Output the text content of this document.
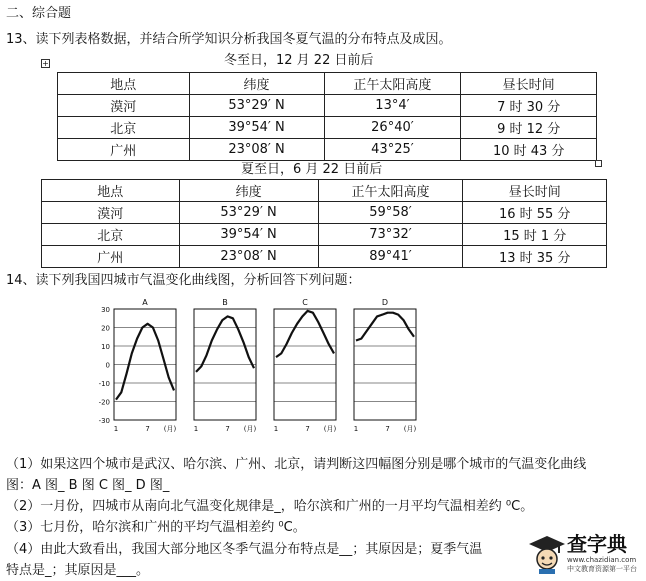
二、综合题
13、读下列表格数据，并结合所学知识分析我国冬夏气温的分布特点及成因。
+	冬至日，12 月 22 日前后
地点	纬度	正午太阳高度	昼长时间
漠河	53°29′ N	13°4′	7 时 30 分
北京	39°54′ N	26°40′	9 时 12 分
广州	23°08′ N	43°25′	10 时 43 分
夏至日，6 月 22 日前后
地点	纬度	正午太阳高度	昼长时间
漠河	53°29′ N	59°58′	16 时 55 分
北京	39°54′ N	73°32′	15 时 1 分
广州	23°08′ N	89°41′	13 时 35 分
14、读下列我国四城市气温变化曲线图，分析回答下列问题：
30
20
10
0
-10
-20
-30
A
1	7 (月)
B
1	7 (月)
C
1	7 (月)
D
1	7 (月)
（1）如果这四个城市是武汉、哈尔滨、广州、北京，请判断这四幅图分别是哪个城市的气温变化曲线
图：A 图_ B 图 C 图_ D 图_
（2）一月份，四城市从南向北气温变化规律是_，哈尔滨和广州的一月平均气温相差约 ⁰C。
（3）七月份，哈尔滨和广州的平均气温相差约 ⁰C。
（4）由此大致看出，我国大部分地区冬季气温分布特点是__；其原因是；夏季气温
特点是_；其原因是___。
查字典
www.chazidian.com
中文教育资源第一平台
